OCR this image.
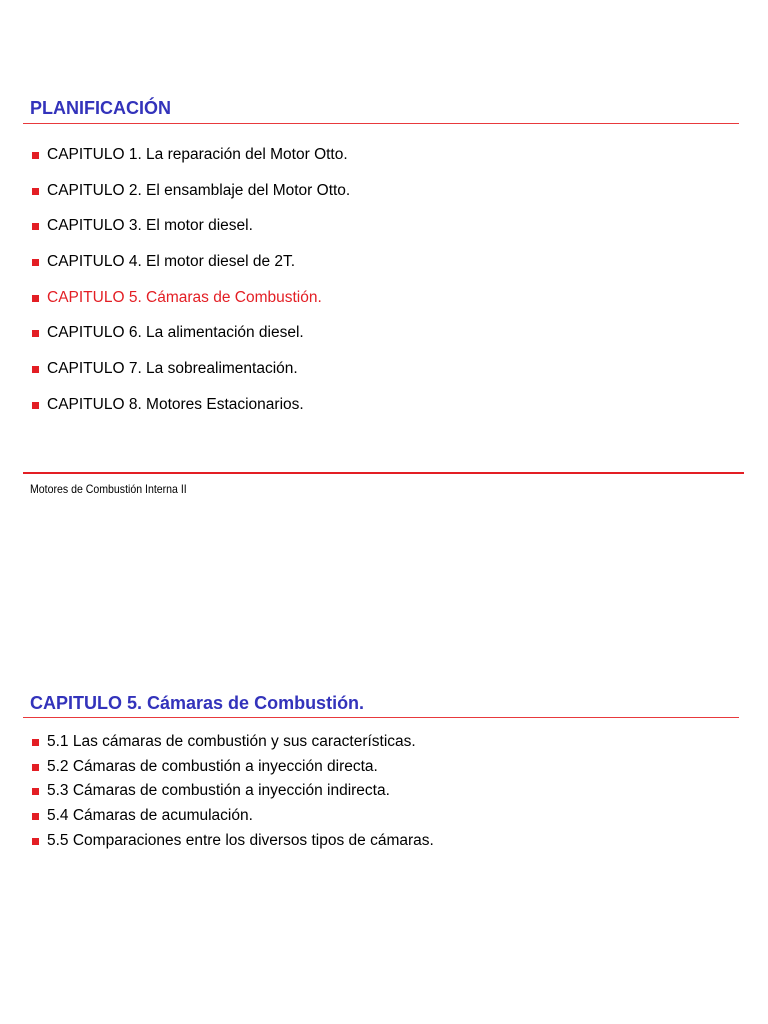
PLANIFICACIÓN
CAPITULO 1. La reparación del Motor Otto.
CAPITULO 2. El ensamblaje del Motor Otto.
CAPITULO 3. El motor diesel.
CAPITULO 4. El motor diesel de 2T.
CAPITULO 5. Cámaras de Combustión.
CAPITULO 6. La alimentación diesel.
CAPITULO 7. La sobrealimentación.
CAPITULO 8. Motores Estacionarios.
Motores de Combustión Interna II
CAPITULO 5. Cámaras de Combustión.
5.1 Las cámaras de combustión y sus características.
5.2 Cámaras de combustión a inyección directa.
5.3 Cámaras de combustión a inyección indirecta.
5.4 Cámaras de acumulación.
5.5 Comparaciones entre los diversos tipos de cámaras.
